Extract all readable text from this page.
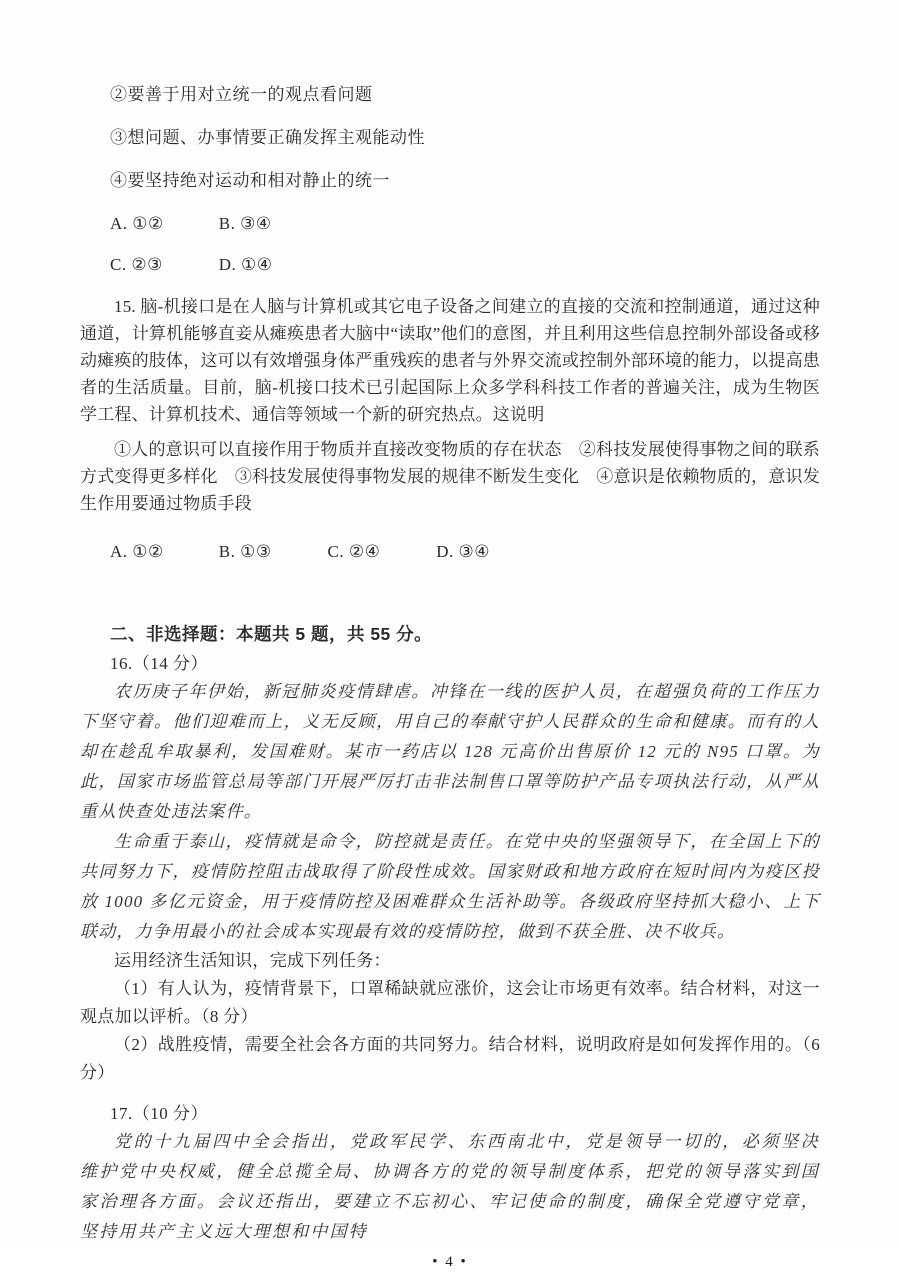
②要善于用对立统一的观点看问题

③想问题、办事情要正确发挥主观能动性

④要坚持绝对运动和相对静止的统一

A. ①②	B. ③④
C. ②③	D. ①④

15. 脑-机接口是在人脑与计算机或其它电子设备之间建立的直接的交流和控制通道，通过这种通道，计算机能够直妾从瘫痪患者大脑中“读取”他们的意图，并且利用这些信息控制外部设备或移动瘫痪的肢体，这可以有效增强身体严重残疾的患者与外界交流或控制外部环境的能力，以提高患者的生活质量。目前，脑-机接口技术已引起国际上众多学科科技工作者的普遍关注，成为生物医学工程、计算机技术、通信等领域一个新的研究热点。这说明

①人的意识可以直接作用于物质并直接改变物质的存在状态　②科技发展使得事物之间的联系方式变得更多样化　③科技发展使得事物发展的规律不断发生变化　④意识是依赖物质的，意识发生作用要通过物质手段

A. ①②	B. ①③	C. ②④	D. ③④

二、非选择题：本题共 5 题，共 55 分。

16.（14 分）

农历庚子年伊始，新冠肺炎疫情肆虐。冲锋在一线的医护人员，在超强负荷的工作压力下坚守着。他们迎难而上，义无反顾，用自己的奉献守护人民群众的生命和健康。而有的人却在趁乱牟取暴利，发国难财。某市一药店以 128 元高价出售原价 12 元的 N95 口罩。为此，国家市场监管总局等部门开展严厉打击非法制售口罩等防护产品专项执法行动，从严从重从快查处违法案件。

生命重于泰山，疫情就是命令，防控就是责任。在党中央的坚强领导下，在全国上下的共同努力下，疫情防控阻击战取得了阶段性成效。国家财政和地方政府在短时间内为疫区投放 1000 多亿元资金，用于疫情防控及困难群众生活补助等。各级政府坚持抓大稳小、上下联动，力争用最小的社会成本实现最有效的疫情防控，做到不获全胜、决不收兵。

运用经济生活知识，完成下列任务：

（1）有人认为，疫情背景下，口罩稀缺就应涨价，这会让市场更有效率。结合材料，对这一观点加以评析。（8 分）

（2）战胜疫情，需要全社会各方面的共同努力。结合材料，说明政府是如何发挥作用的。（6 分）

17.（10 分）

党的十九届四中全会指出，党政军民学、东西南北中，党是领导一切的，必须坚决维护党中央权威，健全总揽全局、协调各方的党的领导制度体系，把党的领导落实到国家治理各方面。会议还指出，要建立不忘初心、牢记使命的制度，确保全党遵守党章，坚持用共产主义远大理想和中国特

• 4 •
